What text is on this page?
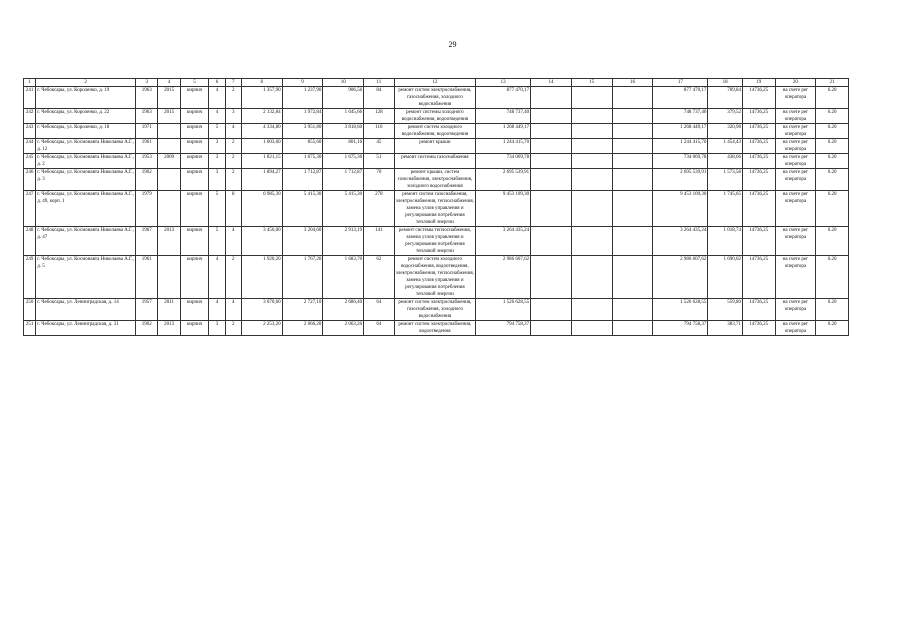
29
1	2	3	4	5	6	7	8	9	10	11	12	13	14	15	16	17	18	19	20	21
241	г. Чебоксары, ул. Короленко, д. 19	1963	2015	кирпич	4	2	1 357,90	1 237,90	906,56	84	ремонт систем электроснабжения, газоснабжения, холодного водоснабжения	877 470,17				877 470,17	709,84	14736,25	на счете рег оператора	6.20
242	г. Чебоксары, ул. Короленко, д. 22	1963	2015	кирпич	4	3	2 132,84	1 972,84	1 645,66	128	ремонт системы холодного водоснабжения, водоотведения	748 737,40				748 737,40	379,52	14736,25	на счете рег оператора	6.20
243	г. Чебоксары, ул. Короленко, д. 18	1971		кирпич	5	4	4 334,80	3 951,80	3 818,60	116	ремонт систем холодного водоснабжения, водоотведения	1 268 449,17				1 268 449,17	320,98	14736,25	на счете рег оператора	6.20
244	г. Чебоксары, ул. Космонавта Николаева А.Г., д. 12	1961		кирпич	3	2	1 003,60	855,60	801,16	45	ремонт крыши	1 244 415,70				1 244 415,70	1 454,43	14736,25	на счете рег оператора	6.20
245	г. Чебоксары, ул. Космонавта Николаева А.Г., д. 2	1953	2009	кирпич	3	2	1 821,15	1 675,30	1 675,36	51	ремонт системы газоснабжения	734 069,78				734 069,78	438,66	14736,25	на счете рег оператора	6.20
246	г. Чебоксары, ул. Космонавта Николаева А.Г., д. 3	1962		кирпич	3	2	1 894,27	1 712,87	1 712,87	70	ремонт крыши, систем газоснабжения, электроснабжения, холодного водоснабжения	2 695 539,91				2 695 539,91	1 573,58	14736,25	на счете рег оператора	6.20
247	г. Чебоксары, ул. Космонавта Николаева А.Г., д. 49, корп. 1	1979		кирпич	5	8	6 985,30	5 415,30	5 415,30	278	ремонт систем газоснабжения, электроснабжения, теплоснабжения, замена узлов управления и регулирования потребления тепловой энергии	9 453 109,30				9 453 109,30	1 745,65	14736,25	на счете рег оператора	6.20
248	г. Чебоксары, ул. Космонавта Николаева А.Г., д. 47	1967	2013	кирпич	5	4	3 456,00	3 204,60	2 913,19	141	ремонт системы теплоснабжения, замена узлов управления и регулирования потребления тепловой энергии	3 264 435,24				3 264 435,24	1 018,74	14736,25	на счете рег оператора	6.20
249	г. Чебоксары, ул. Космонавта Николаева А.Г., д. 5	1961		кирпич	4	2	1 920,20	1 767,20	1 683,70	62	ремонт систем холодного водоснабжения, водоотведения, электроснабжения, теплоснабжения, замена узлов управления и регулирования потребления тепловой энергии	2 986 607,62				2 986 607,62	1 690,02	14736,25	на счете рег оператора	6.20
250	г. Чебоксары, ул. Ленинградская, д. 14	1957	2011	кирпич	4	4	3 070,60	2 727,10	2 686,40	64	ремонт систем электроснабжения, газоснабжения, холодного водоснабжения	1 526 628,55				1 526 628,55	559,80	14736,25	на счете рег оператора	6.20
251	г. Чебоксары, ул. Ленинградская, д. 31	1962	2013	кирпич	3	2	2 253,20	2 066,20	2 063,26	64	ремонт систем электроснабжения, водоотведения	794 758,37				794 758,37	383,71	14736,25	на счете рег оператора	6.20
